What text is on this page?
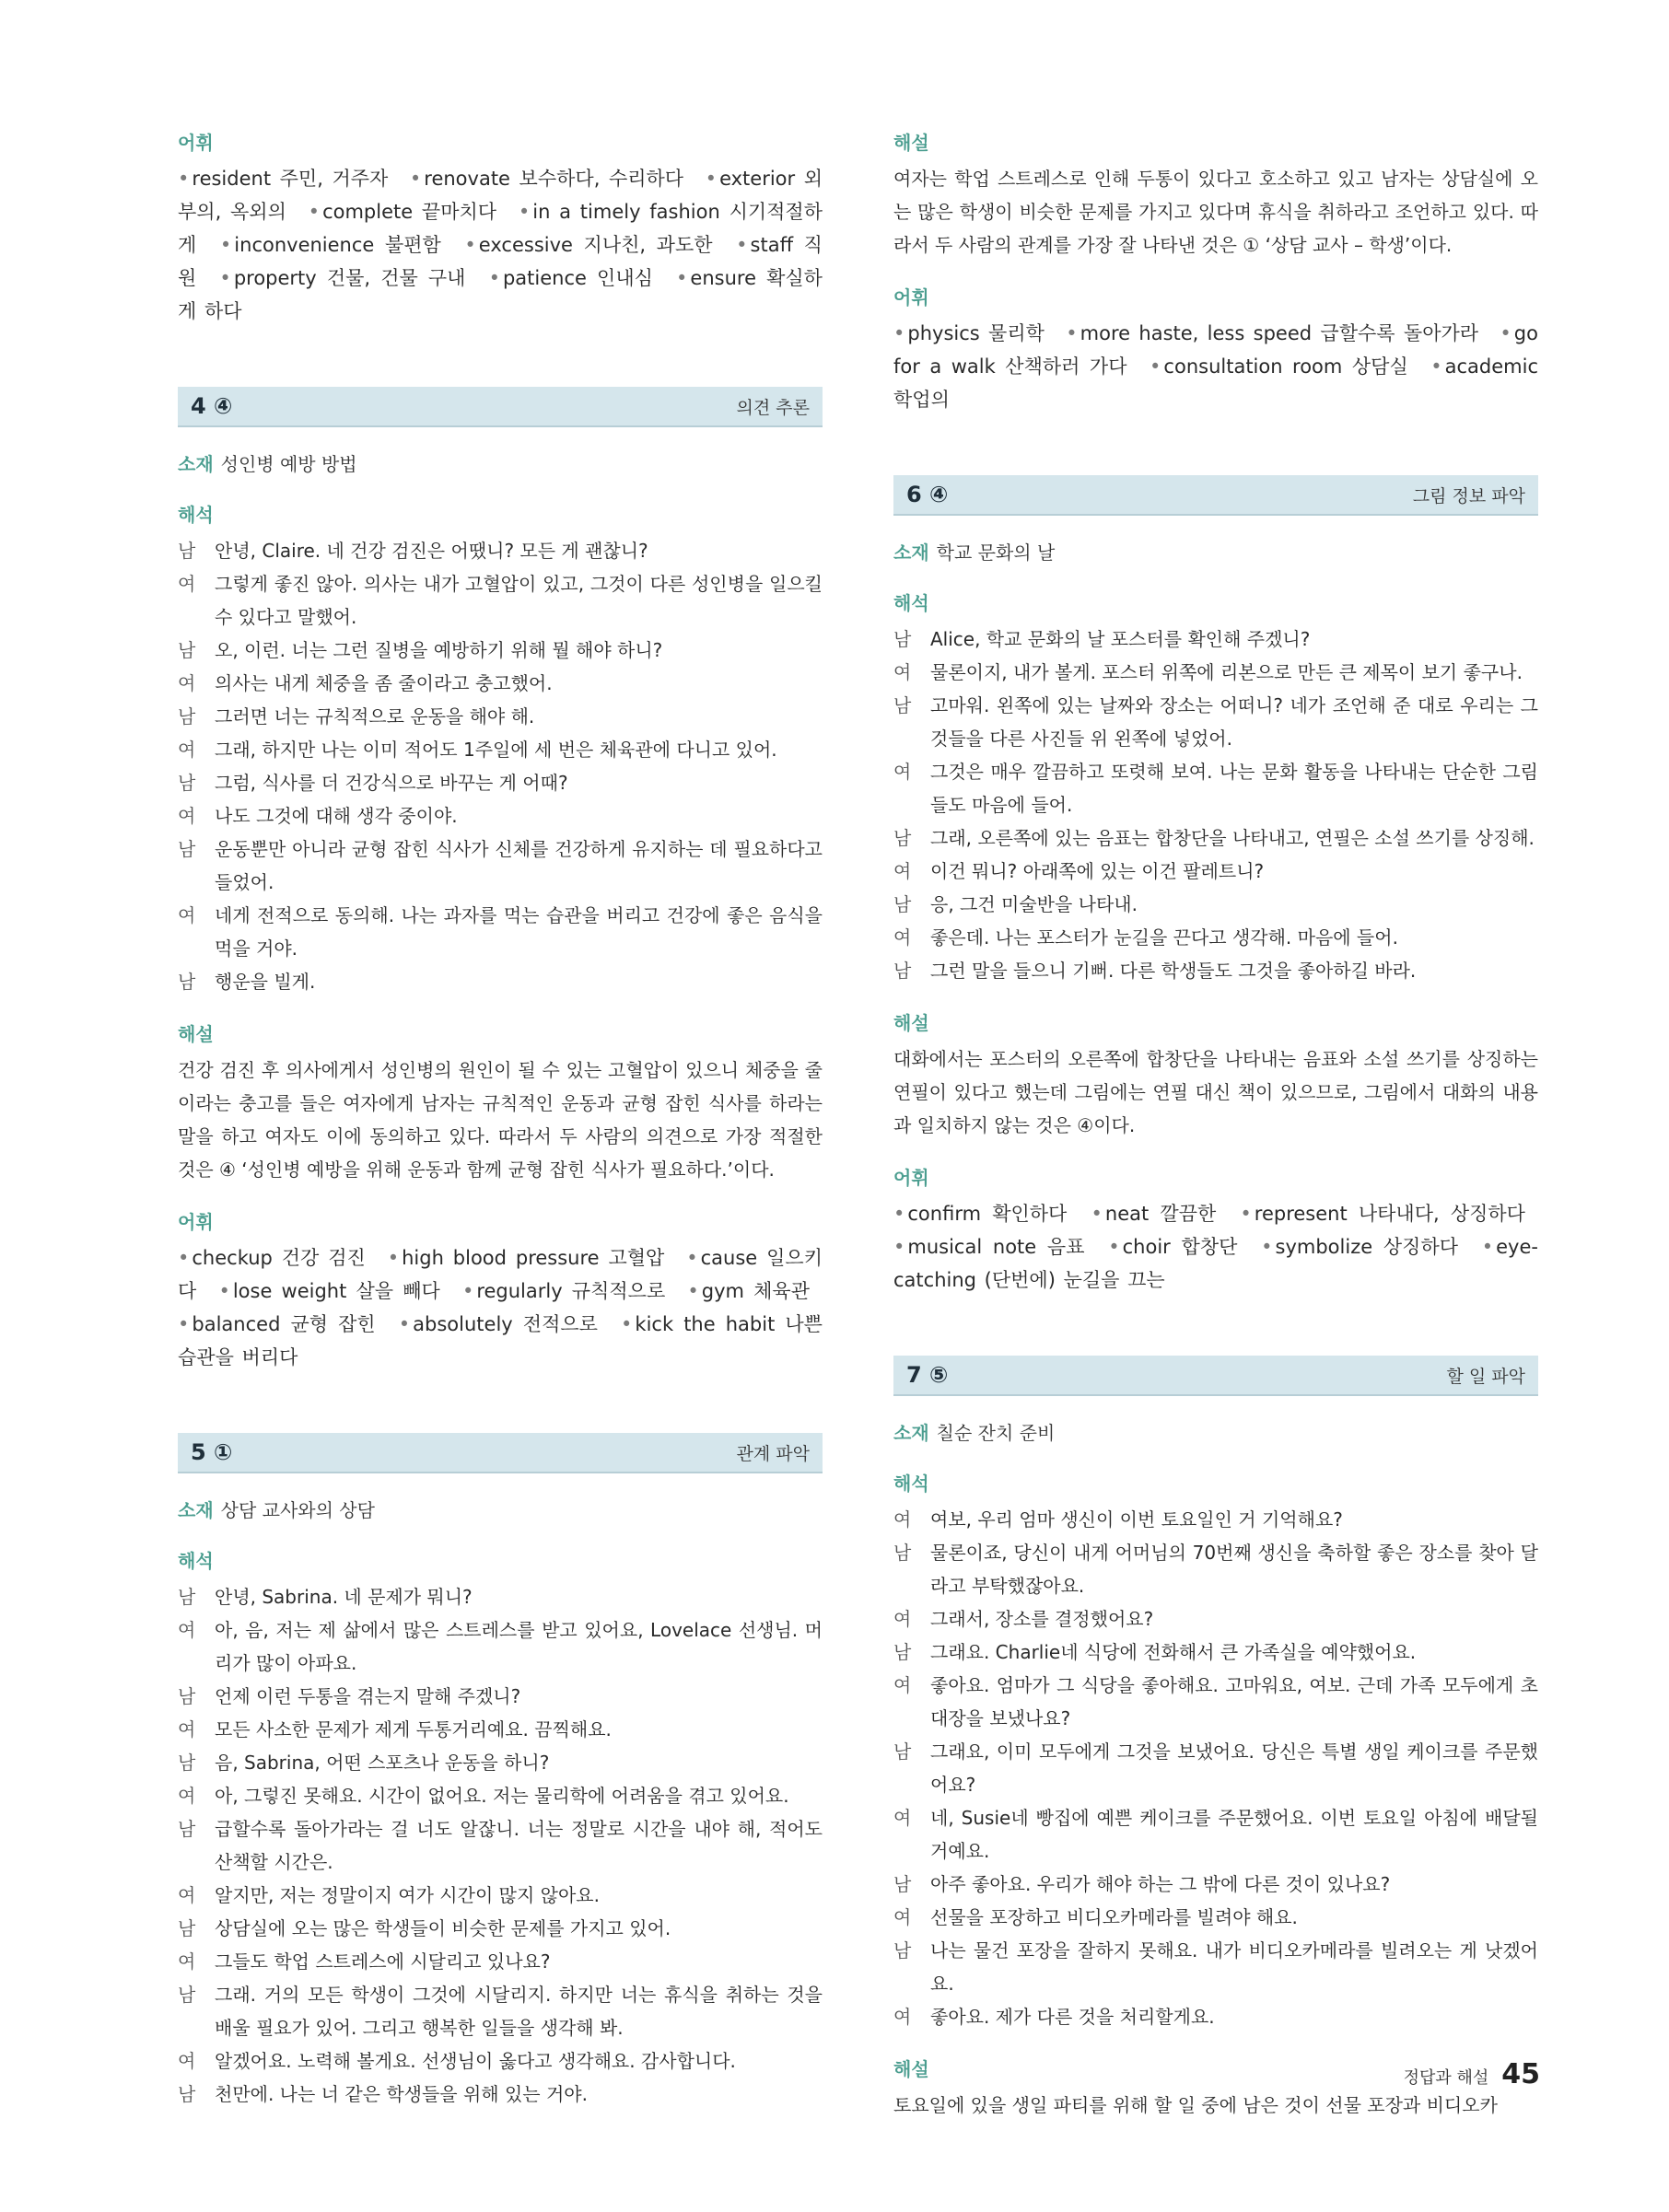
어휘
• resident 주민, 거주자 • renovate 보수하다, 수리하다 • exterior 외부의, 옥외의 • complete 끝마치다 • in a timely fashion 시기적절하게 • inconvenience 불편함 • excessive 지나친, 과도한 • staff 직원 • property 건물, 건물 구내 • patience 인내심 • ensure 확실하게 하다
4 ④	의견 추론
소재 성인병 예방 방법
해석
남	안녕, Claire. 네 건강 검진은 어땠니? 모든 게 괜찮니?
여	그렇게 좋진 않아. 의사는 내가 고혈압이 있고, 그것이 다른 성인병을 일으킬 수 있다고 말했어.
남	오, 이런. 너는 그런 질병을 예방하기 위해 뭘 해야 하니?
여	의사는 내게 체중을 좀 줄이라고 충고했어.
남	그러면 너는 규칙적으로 운동을 해야 해.
여	그래, 하지만 나는 이미 적어도 1주일에 세 번은 체육관에 다니고 있어.
남	그럼, 식사를 더 건강식으로 바꾸는 게 어때?
여	나도 그것에 대해 생각 중이야.
남	운동뿐만 아니라 균형 잡힌 식사가 신체를 건강하게 유지하는 데 필요하다고 들었어.
여	네게 전적으로 동의해. 나는 과자를 먹는 습관을 버리고 건강에 좋은 음식을 먹을 거야.
남	행운을 빌게.
해설
건강 검진 후 의사에게서 성인병의 원인이 될 수 있는 고혈압이 있으니 체중을 줄이라는 충고를 들은 여자에게 남자는 규칙적인 운동과 균형 잡힌 식사를 하라는 말을 하고 여자도 이에 동의하고 있다. 따라서 두 사람의 의견으로 가장 적절한 것은 ④ ‘성인병 예방을 위해 운동과 함께 균형 잡힌 식사가 필요하다.’이다.
어휘
• checkup 건강 검진 • high blood pressure 고혈압 • cause 일으키다 • lose weight 살을 빼다 • regularly 규칙적으로 • gym 체육관 • balanced 균형 잡힌 • absolutely 전적으로 • kick the habit 나쁜 습관을 버리다
5 ①	관계 파악
소재 상담 교사와의 상담
해석
남	안녕, Sabrina. 네 문제가 뭐니?
여	아, 음, 저는 제 삶에서 많은 스트레스를 받고 있어요, Lovelace 선생님. 머리가 많이 아파요.
남	언제 이런 두통을 겪는지 말해 주겠니?
여	모든 사소한 문제가 제게 두통거리예요. 끔찍해요.
남	음, Sabrina, 어떤 스포츠나 운동을 하니?
여	아, 그렇진 못해요. 시간이 없어요. 저는 물리학에 어려움을 겪고 있어요.
남	급할수록 돌아가라는 걸 너도 알잖니. 너는 정말로 시간을 내야 해, 적어도 산책할 시간은.
여	알지만, 저는 정말이지 여가 시간이 많지 않아요.
남	상담실에 오는 많은 학생들이 비슷한 문제를 가지고 있어.
여	그들도 학업 스트레스에 시달리고 있나요?
남	그래. 거의 모든 학생이 그것에 시달리지. 하지만 너는 휴식을 취하는 것을 배울 필요가 있어. 그리고 행복한 일들을 생각해 봐.
여	알겠어요. 노력해 볼게요. 선생님이 옳다고 생각해요. 감사합니다.
남	천만에. 나는 너 같은 학생들을 위해 있는 거야.
해설
여자는 학업 스트레스로 인해 두통이 있다고 호소하고 있고 남자는 상담실에 오는 많은 학생이 비슷한 문제를 가지고 있다며 휴식을 취하라고 조언하고 있다. 따라서 두 사람의 관계를 가장 잘 나타낸 것은 ① ‘상담 교사 – 학생’이다.
어휘
• physics 물리학 • more haste, less speed 급할수록 돌아가라 • go for a walk 산책하러 가다 • consultation room 상담실 • academic 학업의
6 ④	그림 정보 파악
소재 학교 문화의 날
해석
남	Alice, 학교 문화의 날 포스터를 확인해 주겠니?
여	물론이지, 내가 볼게. 포스터 위쪽에 리본으로 만든 큰 제목이 보기 좋구나.
남	고마워. 왼쪽에 있는 날짜와 장소는 어떠니? 네가 조언해 준 대로 우리는 그것들을 다른 사진들 위 왼쪽에 넣었어.
여	그것은 매우 깔끔하고 또렷해 보여. 나는 문화 활동을 나타내는 단순한 그림들도 마음에 들어.
남	그래, 오른쪽에 있는 음표는 합창단을 나타내고, 연필은 소설 쓰기를 상징해.
여	이건 뭐니? 아래쪽에 있는 이건 팔레트니?
남	응, 그건 미술반을 나타내.
여	좋은데. 나는 포스터가 눈길을 끈다고 생각해. 마음에 들어.
남	그런 말을 들으니 기뻐. 다른 학생들도 그것을 좋아하길 바라.
해설
대화에서는 포스터의 오른쪽에 합창단을 나타내는 음표와 소설 쓰기를 상징하는 연필이 있다고 했는데 그림에는 연필 대신 책이 있으므로, 그림에서 대화의 내용과 일치하지 않는 것은 ④이다.
어휘
• confirm 확인하다 • neat 깔끔한 • represent 나타내다, 상징하다 • musical note 음표 • choir 합창단 • symbolize 상징하다 • eye-catching (단번에) 눈길을 끄는
7 ⑤	할 일 파악
소재 칠순 잔치 준비
해석
여	여보, 우리 엄마 생신이 이번 토요일인 거 기억해요?
남	물론이죠, 당신이 내게 어머님의 70번째 생신을 축하할 좋은 장소를 찾아 달라고 부탁했잖아요.
여	그래서, 장소를 결정했어요?
남	그래요. Charlie네 식당에 전화해서 큰 가족실을 예약했어요.
여	좋아요. 엄마가 그 식당을 좋아해요. 고마워요, 여보. 근데 가족 모두에게 초대장을 보냈나요?
남	그래요, 이미 모두에게 그것을 보냈어요. 당신은 특별 생일 케이크를 주문했어요?
여	네, Susie네 빵집에 예쁜 케이크를 주문했어요. 이번 토요일 아침에 배달될 거예요.
남	아주 좋아요. 우리가 해야 하는 그 밖에 다른 것이 있나요?
여	선물을 포장하고 비디오카메라를 빌려야 해요.
남	나는 물건 포장을 잘하지 못해요. 내가 비디오카메라를 빌려오는 게 낫겠어요.
여	좋아요. 제가 다른 것을 처리할게요.
해설
토요일에 있을 생일 파티를 위해 할 일 중에 남은 것이 선물 포장과 비디오카
정답과 해설 45
